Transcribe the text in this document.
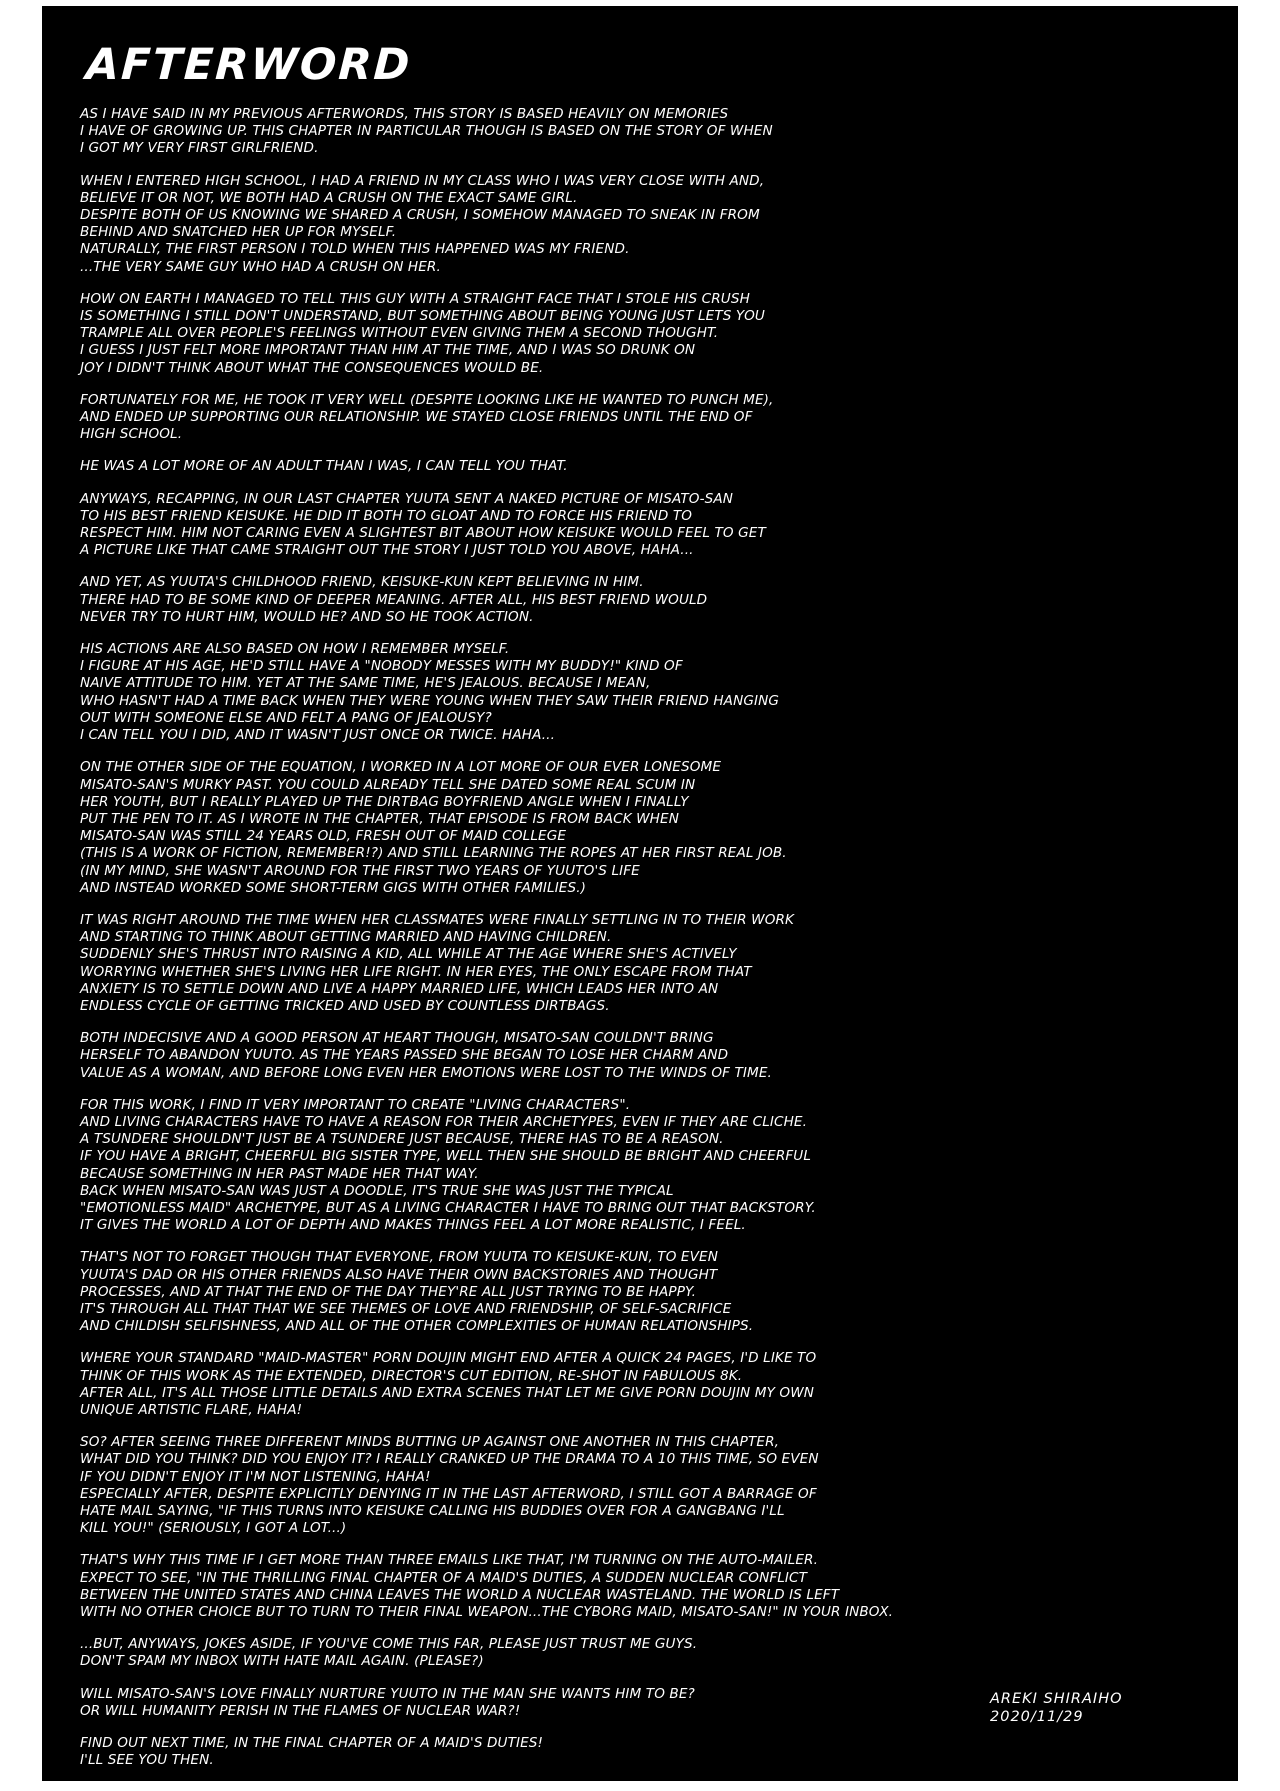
AFTERWORD

AS I HAVE SAID IN MY PREVIOUS AFTERWORDS, THIS STORY IS BASED HEAVILY ON MEMORIES
I HAVE OF GROWING UP. THIS CHAPTER IN PARTICULAR THOUGH IS BASED ON THE STORY OF WHEN
I GOT MY VERY FIRST GIRLFRIEND.

WHEN I ENTERED HIGH SCHOOL, I HAD A FRIEND IN MY CLASS WHO I WAS VERY CLOSE WITH AND,
BELIEVE IT OR NOT, WE BOTH HAD A CRUSH ON THE EXACT SAME GIRL.
DESPITE BOTH OF US KNOWING WE SHARED A CRUSH, I SOMEHOW MANAGED TO SNEAK IN FROM
BEHIND AND SNATCHED HER UP FOR MYSELF.
NATURALLY, THE FIRST PERSON I TOLD WHEN THIS HAPPENED WAS MY FRIEND.
...THE VERY SAME GUY WHO HAD A CRUSH ON HER.

HOW ON EARTH I MANAGED TO TELL THIS GUY WITH A STRAIGHT FACE THAT I STOLE HIS CRUSH
IS SOMETHING I STILL DON'T UNDERSTAND, BUT SOMETHING ABOUT BEING YOUNG JUST LETS YOU
TRAMPLE ALL OVER PEOPLE'S FEELINGS WITHOUT EVEN GIVING THEM A SECOND THOUGHT.
I GUESS I JUST FELT MORE IMPORTANT THAN HIM AT THE TIME, AND I WAS SO DRUNK ON
JOY I DIDN'T THINK ABOUT WHAT THE CONSEQUENCES WOULD BE.

FORTUNATELY FOR ME, HE TOOK IT VERY WELL (DESPITE LOOKING LIKE HE WANTED TO PUNCH ME),
AND ENDED UP SUPPORTING OUR RELATIONSHIP. WE STAYED CLOSE FRIENDS UNTIL THE END OF
HIGH SCHOOL.

HE WAS A LOT MORE OF AN ADULT THAN I WAS, I CAN TELL YOU THAT.

ANYWAYS, RECAPPING, IN OUR LAST CHAPTER YUUTA SENT A NAKED PICTURE OF MISATO-SAN
TO HIS BEST FRIEND KEISUKE. HE DID IT BOTH TO GLOAT AND TO FORCE HIS FRIEND TO
RESPECT HIM. HIM NOT CARING EVEN A SLIGHTEST BIT ABOUT HOW KEISUKE WOULD FEEL TO GET
A PICTURE LIKE THAT CAME STRAIGHT OUT THE STORY I JUST TOLD YOU ABOVE, HAHA...

AND YET, AS YUUTA'S CHILDHOOD FRIEND, KEISUKE-KUN KEPT BELIEVING IN HIM.
THERE HAD TO BE SOME KIND OF DEEPER MEANING. AFTER ALL, HIS BEST FRIEND WOULD
NEVER TRY TO HURT HIM, WOULD HE? AND SO HE TOOK ACTION.

HIS ACTIONS ARE ALSO BASED ON HOW I REMEMBER MYSELF.
I FIGURE AT HIS AGE, HE'D STILL HAVE A "NOBODY MESSES WITH MY BUDDY!" KIND OF
NAIVE ATTITUDE TO HIM. YET AT THE SAME TIME, HE'S JEALOUS. BECAUSE I MEAN,
WHO HASN'T HAD A TIME BACK WHEN THEY WERE YOUNG WHEN THEY SAW THEIR FRIEND HANGING
OUT WITH SOMEONE ELSE AND FELT A PANG OF JEALOUSY?
I CAN TELL YOU I DID, AND IT WASN'T JUST ONCE OR TWICE. HAHA...

ON THE OTHER SIDE OF THE EQUATION, I WORKED IN A LOT MORE OF OUR EVER LONESOME
MISATO-SAN'S MURKY PAST. YOU COULD ALREADY TELL SHE DATED SOME REAL SCUM IN
HER YOUTH, BUT I REALLY PLAYED UP THE DIRTBAG BOYFRIEND ANGLE WHEN I FINALLY
PUT THE PEN TO IT. AS I WROTE IN THE CHAPTER, THAT EPISODE IS FROM BACK WHEN
MISATO-SAN WAS STILL 24 YEARS OLD, FRESH OUT OF MAID COLLEGE
(THIS IS A WORK OF FICTION, REMEMBER!?) AND STILL LEARNING THE ROPES AT HER FIRST REAL JOB.
(IN MY MIND, SHE WASN'T AROUND FOR THE FIRST TWO YEARS OF YUUTO'S LIFE
AND INSTEAD WORKED SOME SHORT-TERM GIGS WITH OTHER FAMILIES.)

IT WAS RIGHT AROUND THE TIME WHEN HER CLASSMATES WERE FINALLY SETTLING IN TO THEIR WORK
AND STARTING TO THINK ABOUT GETTING MARRIED AND HAVING CHILDREN.
SUDDENLY SHE'S THRUST INTO RAISING A KID, ALL WHILE AT THE AGE WHERE SHE'S ACTIVELY
WORRYING WHETHER SHE'S LIVING HER LIFE RIGHT. IN HER EYES, THE ONLY ESCAPE FROM THAT
ANXIETY IS TO SETTLE DOWN AND LIVE A HAPPY MARRIED LIFE, WHICH LEADS HER INTO AN
ENDLESS CYCLE OF GETTING TRICKED AND USED BY COUNTLESS DIRTBAGS.

BOTH INDECISIVE AND A GOOD PERSON AT HEART THOUGH, MISATO-SAN COULDN'T BRING
HERSELF TO ABANDON YUUTO. AS THE YEARS PASSED SHE BEGAN TO LOSE HER CHARM AND
VALUE AS A WOMAN, AND BEFORE LONG EVEN HER EMOTIONS WERE LOST TO THE WINDS OF TIME.

FOR THIS WORK, I FIND IT VERY IMPORTANT TO CREATE "LIVING CHARACTERS".
AND LIVING CHARACTERS HAVE TO HAVE A REASON FOR THEIR ARCHETYPES, EVEN IF THEY ARE CLICHE.
A TSUNDERE SHOULDN'T JUST BE A TSUNDERE JUST BECAUSE, THERE HAS TO BE A REASON.
IF YOU HAVE A BRIGHT, CHEERFUL BIG SISTER TYPE, WELL THEN SHE SHOULD BE BRIGHT AND CHEERFUL
BECAUSE SOMETHING IN HER PAST MADE HER THAT WAY.
BACK WHEN MISATO-SAN WAS JUST A DOODLE, IT'S TRUE SHE WAS JUST THE TYPICAL
"EMOTIONLESS MAID" ARCHETYPE, BUT AS A LIVING CHARACTER I HAVE TO BRING OUT THAT BACKSTORY.
IT GIVES THE WORLD A LOT OF DEPTH AND MAKES THINGS FEEL A LOT MORE REALISTIC, I FEEL.

THAT'S NOT TO FORGET THOUGH THAT EVERYONE, FROM YUUTA TO KEISUKE-KUN, TO EVEN
YUUTA'S DAD OR HIS OTHER FRIENDS ALSO HAVE THEIR OWN BACKSTORIES AND THOUGHT
PROCESSES, AND AT THAT THE END OF THE DAY THEY'RE ALL JUST TRYING TO BE HAPPY.
IT'S THROUGH ALL THAT THAT WE SEE THEMES OF LOVE AND FRIENDSHIP, OF SELF-SACRIFICE
AND CHILDISH SELFISHNESS, AND ALL OF THE OTHER COMPLEXITIES OF HUMAN RELATIONSHIPS.

WHERE YOUR STANDARD "MAID-MASTER" PORN DOUJIN MIGHT END AFTER A QUICK 24 PAGES, I'D LIKE TO
THINK OF THIS WORK AS THE EXTENDED, DIRECTOR'S CUT EDITION, RE-SHOT IN FABULOUS 8K.
AFTER ALL, IT'S ALL THOSE LITTLE DETAILS AND EXTRA SCENES THAT LET ME GIVE PORN DOUJIN MY OWN
UNIQUE ARTISTIC FLARE, HAHA!

SO? AFTER SEEING THREE DIFFERENT MINDS BUTTING UP AGAINST ONE ANOTHER IN THIS CHAPTER,
WHAT DID YOU THINK? DID YOU ENJOY IT? I REALLY CRANKED UP THE DRAMA TO A 10 THIS TIME, SO EVEN
IF YOU DIDN'T ENJOY IT I'M NOT LISTENING, HAHA!
ESPECIALLY AFTER, DESPITE EXPLICITLY DENYING IT IN THE LAST AFTERWORD, I STILL GOT A BARRAGE OF
HATE MAIL SAYING, "IF THIS TURNS INTO KEISUKE CALLING HIS BUDDIES OVER FOR A GANGBANG I'LL
KILL YOU!" (SERIOUSLY, I GOT A LOT...)

THAT'S WHY THIS TIME IF I GET MORE THAN THREE EMAILS LIKE THAT, I'M TURNING ON THE AUTO-MAILER.
EXPECT TO SEE, "IN THE THRILLING FINAL CHAPTER OF A MAID'S DUTIES, A SUDDEN NUCLEAR CONFLICT
BETWEEN THE UNITED STATES AND CHINA LEAVES THE WORLD A NUCLEAR WASTELAND. THE WORLD IS LEFT
WITH NO OTHER CHOICE BUT TO TURN TO THEIR FINAL WEAPON...THE CYBORG MAID, MISATO-SAN!" IN YOUR INBOX.

...BUT, ANYWAYS, JOKES ASIDE, IF YOU'VE COME THIS FAR, PLEASE JUST TRUST ME GUYS.
DON'T SPAM MY INBOX WITH HATE MAIL AGAIN. (PLEASE?)

WILL MISATO-SAN'S LOVE FINALLY NURTURE YUUTO IN THE MAN SHE WANTS HIM TO BE?
OR WILL HUMANITY PERISH IN THE FLAMES OF NUCLEAR WAR?!

FIND OUT NEXT TIME, IN THE FINAL CHAPTER OF A MAID'S DUTIES!
I'LL SEE YOU THEN.

AREKI SHIRAIHO
2020/11/29
